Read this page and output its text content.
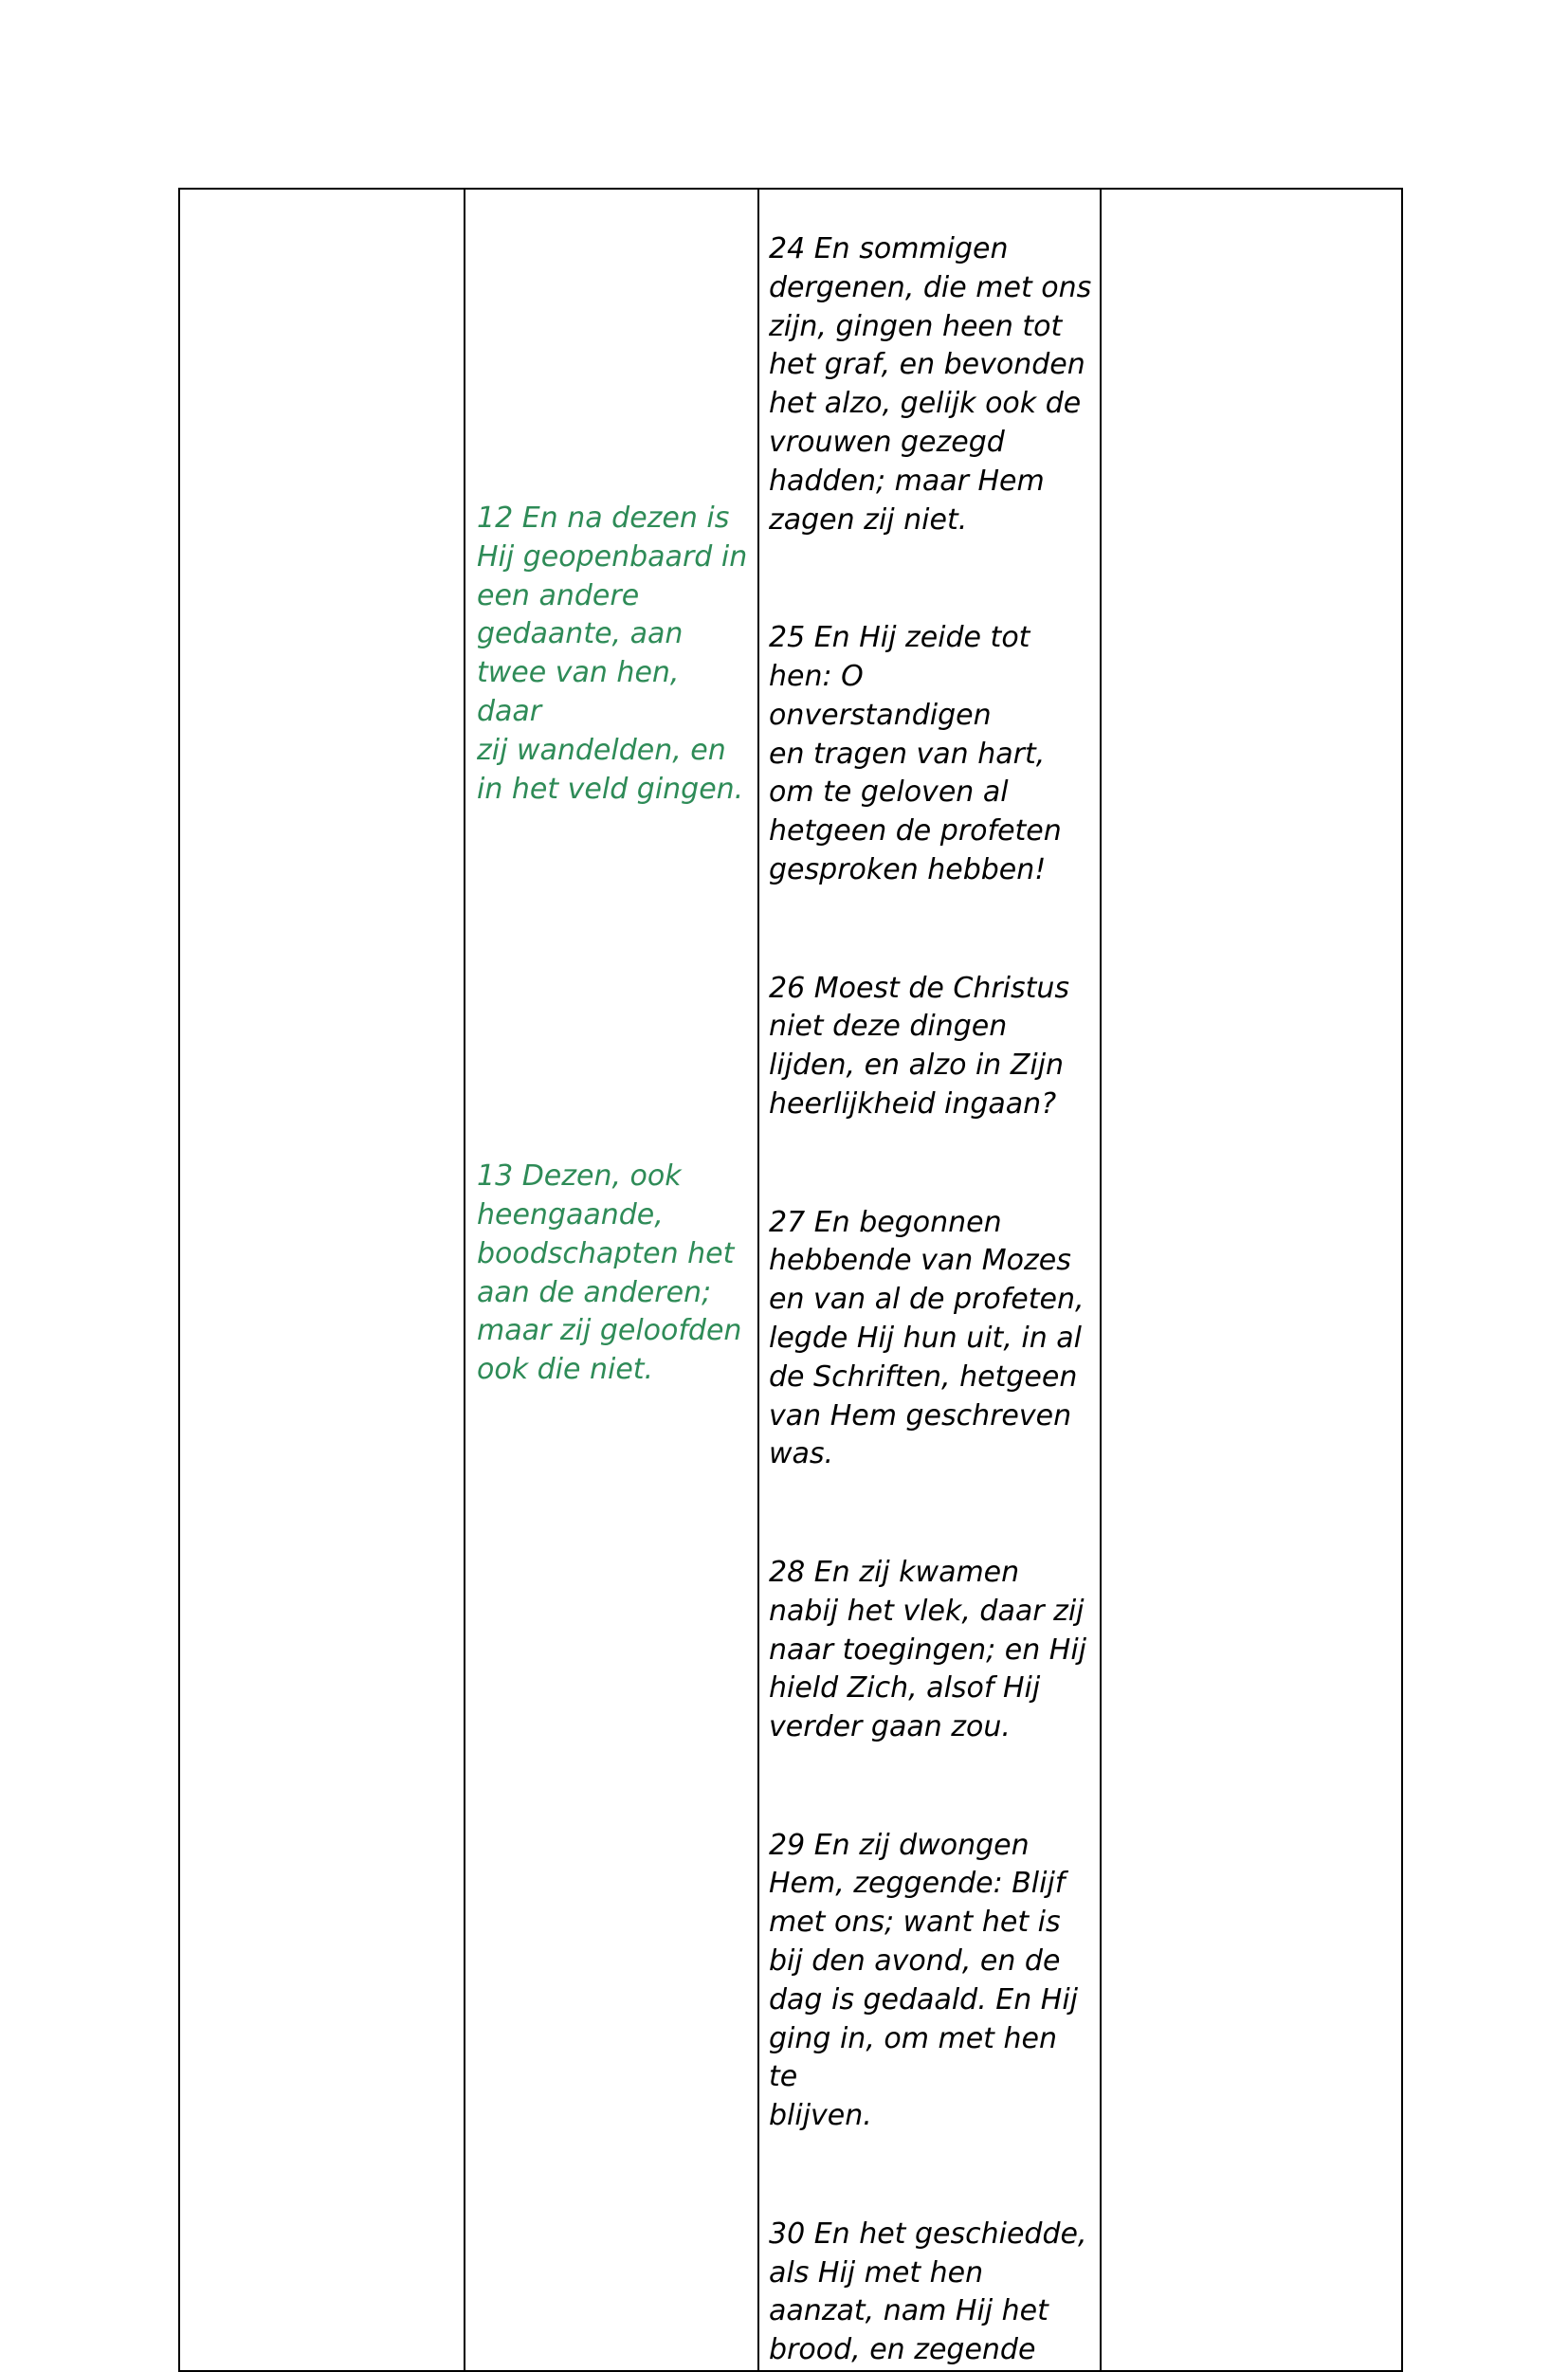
12 En na dezen is
Hij geopenbaard in
een andere
gedaante, aan
twee van hen, daar
zij wandelden, en
in het veld gingen.

13 Dezen, ook
heengaande,
boodschapten het
aan de anderen;
maar zij geloofden
ook die niet.

24 En sommigen
dergenen, die met ons
zijn, gingen heen tot
het graf, en bevonden
het alzo, gelijk ook de
vrouwen gezegd
hadden; maar Hem
zagen zij niet.

25 En Hij zeide tot
hen: O onverstandigen
en tragen van hart,
om te geloven al
hetgeen de profeten
gesproken hebben!

26 Moest de Christus
niet deze dingen
lijden, en alzo in Zijn
heerlijkheid ingaan?

27 En begonnen
hebbende van Mozes
en van al de profeten,
legde Hij hun uit, in al
de Schriften, hetgeen
van Hem geschreven
was.

28 En zij kwamen
nabij het vlek, daar zij
naar toegingen; en Hij
hield Zich, alsof Hij
verder gaan zou.

29 En zij dwongen
Hem, zeggende: Blijf
met ons; want het is
bij den avond, en de
dag is gedaald. En Hij
ging in, om met hen te
blijven.

30 En het geschiedde,
als Hij met hen
aanzat, nam Hij het
brood, en zegende
